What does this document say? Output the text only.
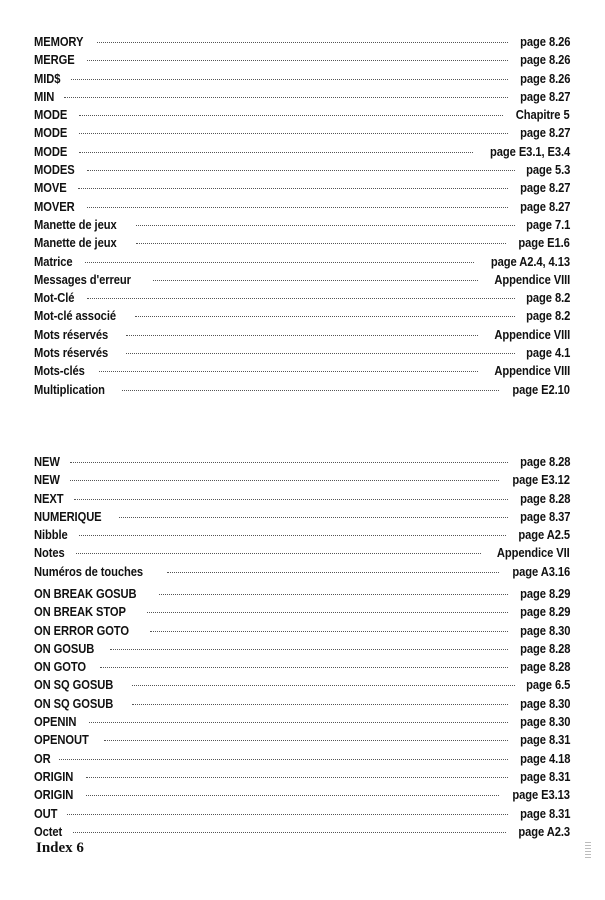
MEMORY	page 8.26
MERGE	page 8.26
MID$	page 8.26
MIN	page 8.27
MODE	Chapitre 5
MODE	page 8.27
MODE	page E3.1, E3.4
MODES	page 5.3
MOVE	page 8.27
MOVER	page 8.27
Manette de jeux	page 7.1
Manette de jeux	page E1.6
Matrice	page A2.4, 4.13
Messages d'erreur	Appendice VIII
Mot-Clé	page 8.2
Mot-clé associé	page 8.2
Mots réservés	Appendice VIII
Mots réservés	page 4.1
Mots-clés	Appendice VIII
Multiplication	page E2.10
NEW	page 8.28
NEW	page E3.12
NEXT	page 8.28
NUMERIQUE	page 8.37
Nibble	page A2.5
Notes	Appendice VII
Numéros de touches	page A3.16
ON BREAK GOSUB	page 8.29
ON BREAK STOP	page 8.29
ON ERROR GOTO	page 8.30
ON GOSUB	page 8.28
ON GOTO	page 8.28
ON SQ GOSUB	page 6.5
ON SQ GOSUB	page 8.30
OPENIN	page 8.30
OPENOUT	page 8.31
OR	page 4.18
ORIGIN	page 8.31
ORIGIN	page E3.13
OUT	page 8.31
Octet	page A2.3
Index 6
